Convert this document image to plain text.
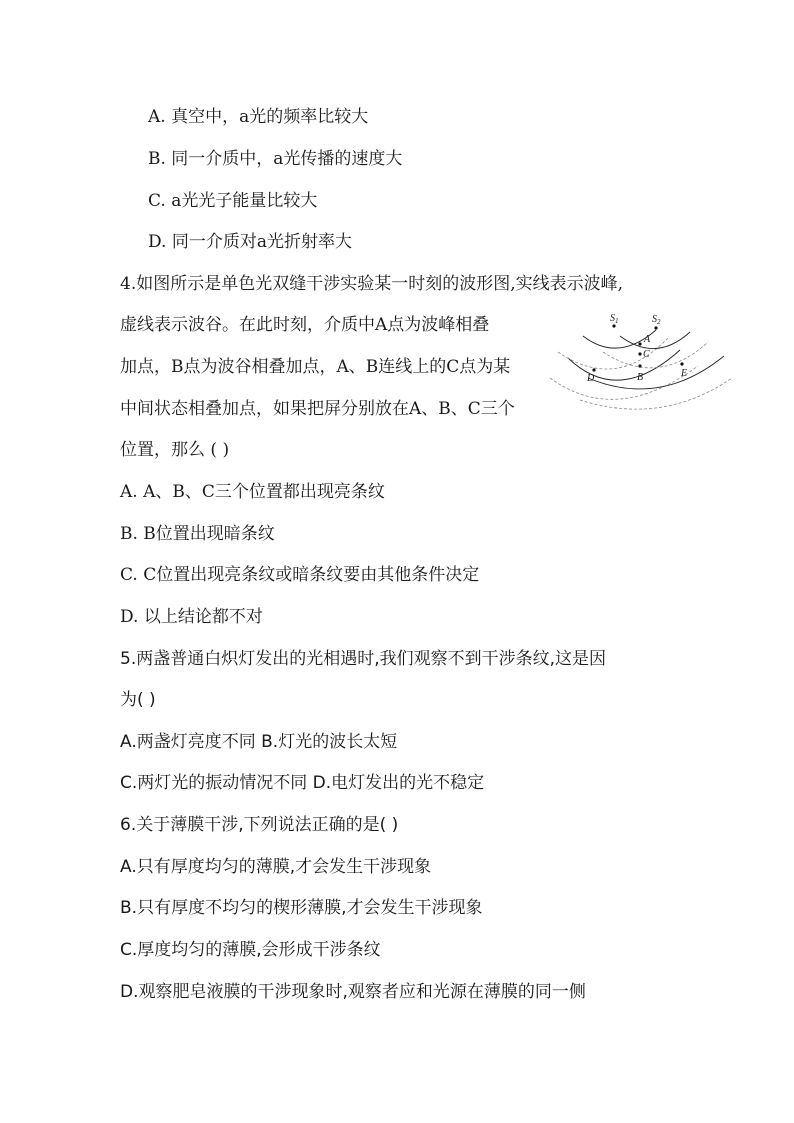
A. 真空中，a光的频率比较大
B. 同一介质中，a光传播的速度大
C. a光光子能量比较大
D. 同一介质对a光折射率大
4.如图所示是单色光双缝干涉实验某一时刻的波形图,实线表示波峰,
虚线表示波谷。在此时刻，介质中A点为波峰相叠
加点，B点为波谷相叠加点，A、B连线上的C点为某
中间状态相叠加点，如果把屏分别放在A、B、C三个
位置，那么 ( )
$S_1$	$S_2$
A
C
B
D	E
A. A、B、C三个位置都出现亮条纹
B. B位置出现暗条纹
C. C位置出现亮条纹或暗条纹要由其他条件决定
D. 以上结论都不对
5.两盏普通白炽灯发出的光相遇时,我们观察不到干涉条纹,这是因
为( )
A.两盏灯亮度不同 B.灯光的波长太短
C.两灯光的振动情况不同 D.电灯发出的光不稳定
6.关于薄膜干涉,下列说法正确的是( )
A.只有厚度均匀的薄膜,才会发生干涉现象
B.只有厚度不均匀的楔形薄膜,才会发生干涉现象
C.厚度均匀的薄膜,会形成干涉条纹
D.观察肥皂液膜的干涉现象时,观察者应和光源在薄膜的同一侧
